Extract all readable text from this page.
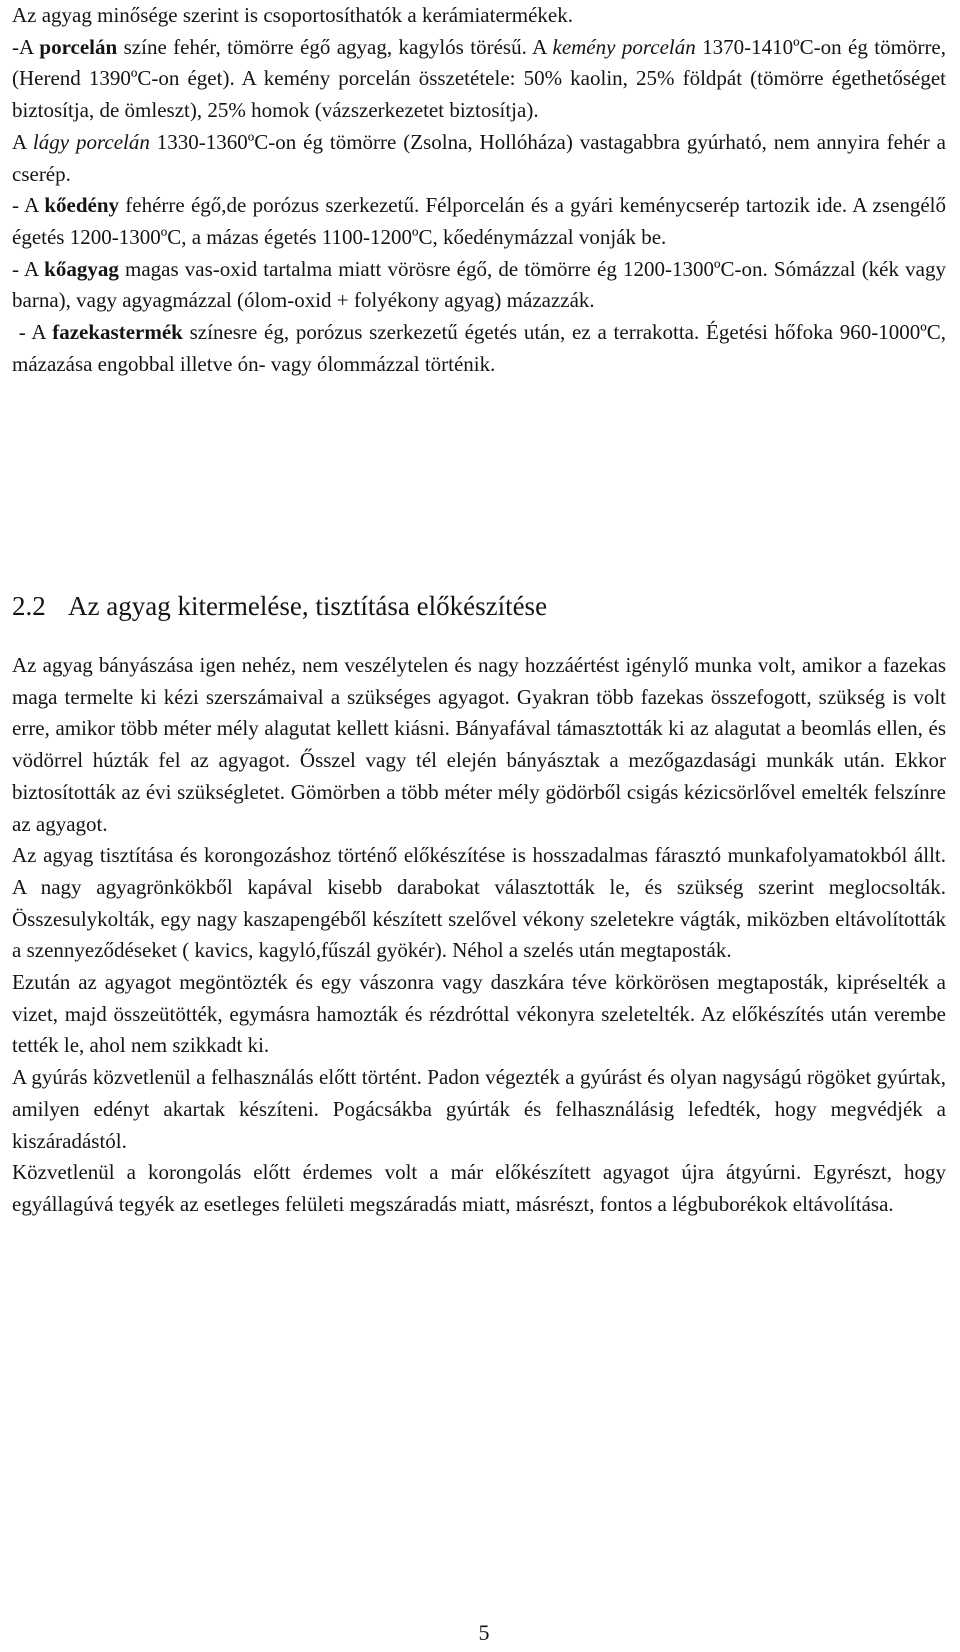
Az agyag minősége szerint is csoportosíthatók a kerámiatermékek.

-A porcelán színe fehér, tömörre égő agyag, kagylós törésű. A kemény porcelán 1370-1410ºC-on ég tömörre, (Herend 1390ºC-on éget). A kemény porcelán összetétele: 50% kaolin, 25% földpát (tömörre égethetőséget biztosítja, de ömleszt), 25% homok (vázszerkezetet biztosítja).

A lágy porcelán 1330-1360ºC-on ég tömörre (Zsolna, Hollóháza) vastagabbra gyúrható, nem annyira fehér a cserép.

- A kőedény fehérre égő,de porózus szerkezetű. Félporcelán és a gyári keménycserép tartozik ide. A zsengélő égetés 1200-1300ºC, a mázas égetés 1100-1200ºC, kőedénymázzal vonják be.

- A kőagyag magas vas-oxid tartalma miatt vörösre égő, de tömörre ég 1200-1300ºC-on. Sómázzal (kék vagy barna), vagy agyagmázzal (ólom-oxid + folyékony agyag) mázazzák.

- A fazekastermék színesre ég, porózus szerkezetű égetés után, ez a terrakotta. Égetési hőfoka 960-1000ºC, mázazása engobbal illetve ón- vagy ólommázzal történik.

2.2 Az agyag kitermelése, tisztítása előkészítése

Az agyag bányászása igen nehéz, nem veszélytelen és nagy hozzáértést igénylő munka volt, amikor a fazekas maga termelte ki kézi szerszámaival a szükséges agyagot. Gyakran több fazekas összefogott, szükség is volt erre, amikor több méter mély alagutat kellett kiásni. Bányafával támasztották ki az alagutat a beomlás ellen, és vödörrel húzták fel az agyagot. Ősszel vagy tél elején bányásztak a mezőgazdasági munkák után. Ekkor biztosították az évi szükségletet. Gömörben a több méter mély gödörből csigás kézicsörlővel emelték felszínre az agyagot.

Az agyag tisztítása és korongozáshoz történő előkészítése is hosszadalmas fárasztó munkafolyamatokból állt. A nagy agyagrönkökből kapával kisebb darabokat választották le, és szükség szerint meglocsolták. Összesulykolták, egy nagy kaszapengéből készített szelővel vékony szeletekre vágták, miközben eltávolították a szennyeződéseket ( kavics, kagyló,fűszál gyökér). Néhol a szelés után megtaposták.

Ezután az agyagot megöntözték és egy vászonra vagy daszkára téve körkörösen megtaposták, kipréselték a vizet, majd összeütötték, egymásra hamozták és rézdróttal vékonyra szeletelték. Az előkészítés után verembe tették le, ahol nem szikkadt ki.

A gyúrás közvetlenül a felhasználás előtt történt. Padon végezték a gyúrást és olyan nagyságú rögöket gyúrtak, amilyen edényt akartak készíteni. Pogácsákba gyúrták és felhasználásig lefedték, hogy megvédjék a kiszáradástól.

Közvetlenül a korongolás előtt érdemes volt a már előkészített agyagot újra átgyúrni. Egyrészt, hogy egyállagúvá tegyék az esetleges felületi megszáradás miatt, másrészt, fontos a légbuborékok eltávolítása.

5
